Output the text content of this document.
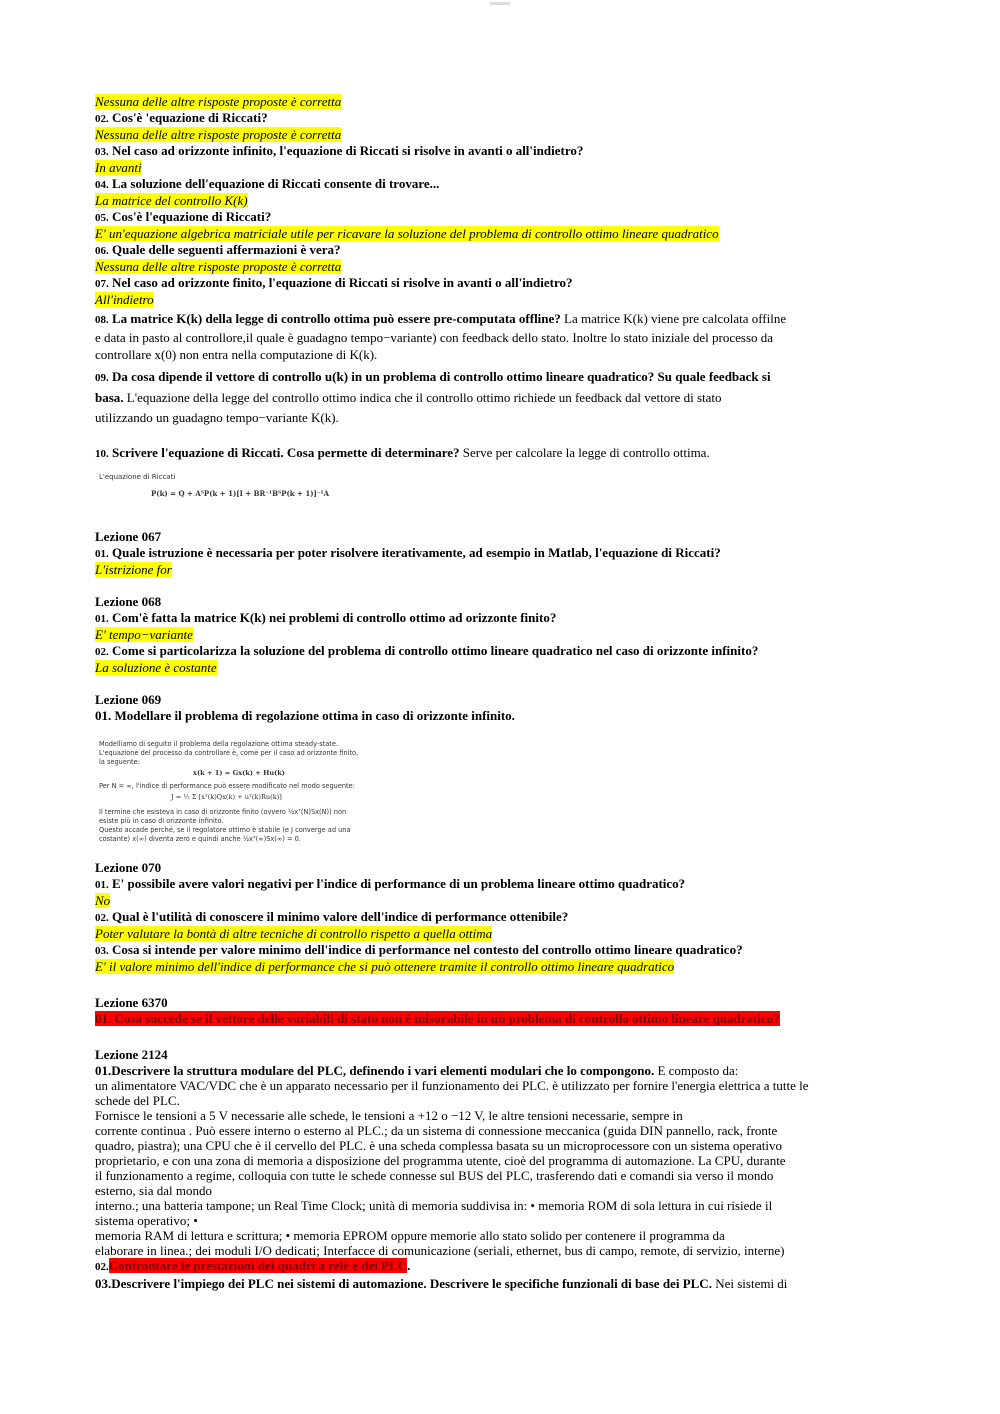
Nessuna delle altre risposte proposte è corretta
02. Cos'è 'equazione di Riccati?
Nessuna delle altre risposte proposte è corretta
03. Nel caso ad orizzonte infinito, l'equazione di Riccati si risolve in avanti o all'indietro?
In avanti
04. La soluzione dell'equazione di Riccati consente di trovare...
La matrice del controllo K(k)
05. Cos'è l'equazione di Riccati?
E' un'equazione algebrica matriciale utile per ricavare la soluzione del problema di controllo ottimo lineare quadratico
06. Quale delle seguenti affermazioni è vera?
Nessuna delle altre risposte proposte è corretta
07. Nel caso ad orizzonte finito, l'equazione di Riccati si risolve in avanti o all'indietro?
All'indietro
08. La matrice K(k) della legge di controllo ottima può essere pre-computata offline? La matrice K(k) viene pre calcolata offilne
e data in pasto al controllore,il quale è guadagno tempo−variante) con feedback dello stato. Inoltre lo stato iniziale del processo da
controllare x(0) non entra nella computazione di K(k).
09. Da cosa dipende il vettore di controllo u(k) in un problema di controllo ottimo lineare quadratico? Su quale feedback si
basa. L'equazione della legge del controllo ottimo indica che il controllo ottimo richiede un feedback dal vettore di stato
utilizzando un guadagno tempo−variante K(k).
10. Scrivere l'equazione di Riccati. Cosa permette di determinare? Serve per calcolare la legge di controllo ottima.
L'equazione di Riccati
P(k) = Q + AᵀP(k + 1)[I + BR⁻¹BᵀP(k + 1)]⁻¹A
Lezione 067
01. Quale istruzione è necessaria per poter risolvere iterativamente, ad esempio in Matlab, l'equazione di Riccati?
L'istrizione for
Lezione 068
01. Com'è fatta la matrice K(k) nei problemi di controllo ottimo ad orizzonte finito?
E' tempo−variante
02. Come si particolarizza la soluzione del problema di controllo ottimo lineare quadratico nel caso di orizzonte infinito?
La soluzione è costante
Lezione 069
01. Modellare il problema di regolazione ottima in caso di orizzonte infinito.
Modelliamo di seguito il problema della regolazione ottima steady-state.
L'equazione del processo da controllare è, come per il caso ad orizzonte finito,
la seguente:
x(k + 1) = Gx(k) + Hu(k)
Per N = ∞, l'indice di performance può essere modificato nel modo seguente:
J = ½ Σ [xᵀ(k)Qx(k) + uᵀ(k)Ru(k)]
Il termine che esisteva in caso di orizzonte finito (ovvero ½xᵀ(N)Sx(N)) non
esiste più in caso di orizzonte infinito.
Questo accade perché, se il regolatore ottimo è stabile (e J converge ad una
costante) x(∞) diventa zero e quindi anche ½xᵀ(∞)Sx(∞) = 0.
Lezione 070
01. E' possibile avere valori negativi per l'indice di performance di un problema lineare ottimo quadratico?
No
02. Qual è l'utilità di conoscere il minimo valore dell'indice di performance ottenibile?
Poter valutare la bontà di altre tecniche di controllo rispetto a quella ottima
03. Cosa si intende per valore minimo dell'indice di performance nel contesto del controllo ottimo lineare quadratico?
E' il valore minimo dell'indice di performance che si può ottenere tramite il controllo ottimo lineare quadratico
Lezione 6370
01. Cosa succede se il vettore delle variabili di stato non è misurabile in un problema di controllo ottimo lineare quadratico?
Lezione 2124
01.Descrivere la struttura modulare del PLC, definendo i vari elementi modulari che lo compongono. E composto da:
un alimentatore VAC/VDC che è un apparato necessario per il funzionamento dei PLC. è utilizzato per fornire l'energia elettrica a tutte le
schede del PLC.
Fornisce le tensioni a 5 V necessarie alle schede, le tensioni a +12 o −12 V, le altre tensioni necessarie, sempre in
corrente continua . Può essere interno o esterno al PLC.; da un sistema di connessione meccanica (guida DIN pannello, rack, fronte
quadro, piastra); una CPU che è il cervello del PLC. è una scheda complessa basata su un microprocessore con un sistema operativo
proprietario, e con una zona di memoria a disposizione del programma utente, cioè del programma di automazione. La CPU, durante
il funzionamento a regime, colloquia con tutte le schede connesse sul BUS del PLC, trasferendo dati e comandi sia verso il mondo
esterno, sia dal mondo
interno.; una batteria tampone; un Real Time Clock; unità di memoria suddivisa in: • memoria ROM di sola lettura in cui risiede il
sistema operativo; •
memoria RAM di lettura e scrittura; • memoria EPROM oppure memorie allo stato solido per contenere il programma da
elaborare in linea.; dei moduli I/O dedicati; Interfacce di comunicazione (seriali, ethernet, bus di campo, remote, di servizio, interne)
02.Confrontare le prestazioni dei quadri a relè e dei PLC.
03.Descrivere l'impiego dei PLC nei sistemi di automazione. Descrivere le specifiche funzionali di base dei PLC. Nei sistemi di
